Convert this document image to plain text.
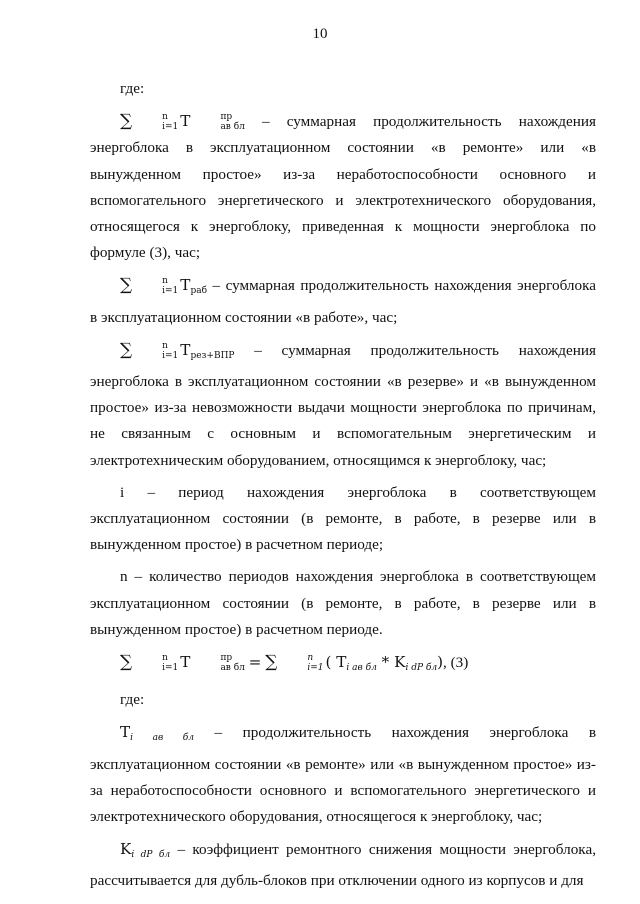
10

где:

∑	n
i=1 T	пр
ав бл – суммарная продолжительность нахождения энергоблока в эксплуатационном состоянии «в ремонте» или «в вынужденном простое» из-за неработоспособности основного и вспомогательного энергетического и электротехнического оборудования, относящегося к энергоблоку, приведенная к мощности энергоблока по формуле (3), час;

∑	n
i=1 $T_{раб}$ – суммарная продолжительность нахождения энергоблока в эксплуатационном состоянии «в работе», час;

∑	n
i=1 $T_{рез+ВПР}$ – суммарная продолжительность нахождения энергоблока в эксплуатационном состоянии «в резерве» и «в вынужденном простое» из-за невозможности выдачи мощности энергоблока по причинам, не связанным с основным и вспомогательным энергетическим и электротехническим оборудованием, относящимся к энергоблоку, час;

i – период нахождения энергоблока в соответствующем эксплуатационном состоянии (в ремонте, в работе, в резерве или в вынужденном простое) в расчетном периоде;

n – количество периодов нахождения энергоблока в соответствующем эксплуатационном состоянии (в ремонте, в работе, в резерве или в вынужденном простое) в расчетном периоде.

∑	n
i=1 T	пр
ав бл = ∑	n
i=1 ( $T_{i ав бл} * K_{i dP бл}$), (3)

где:

$T_{i ав бл}$ – продолжительность нахождения энергоблока в эксплуатационном состоянии «в ремонте» или «в вынужденном простое» из-за неработоспособности основного и вспомогательного энергетического и электротехнического оборудования, относящегося к энергоблоку, час;

$K_{i dP бл}$ – коэффициент ремонтного снижения мощности энергоблока, рассчитывается для дубль-блоков при отключении одного из корпусов и для
